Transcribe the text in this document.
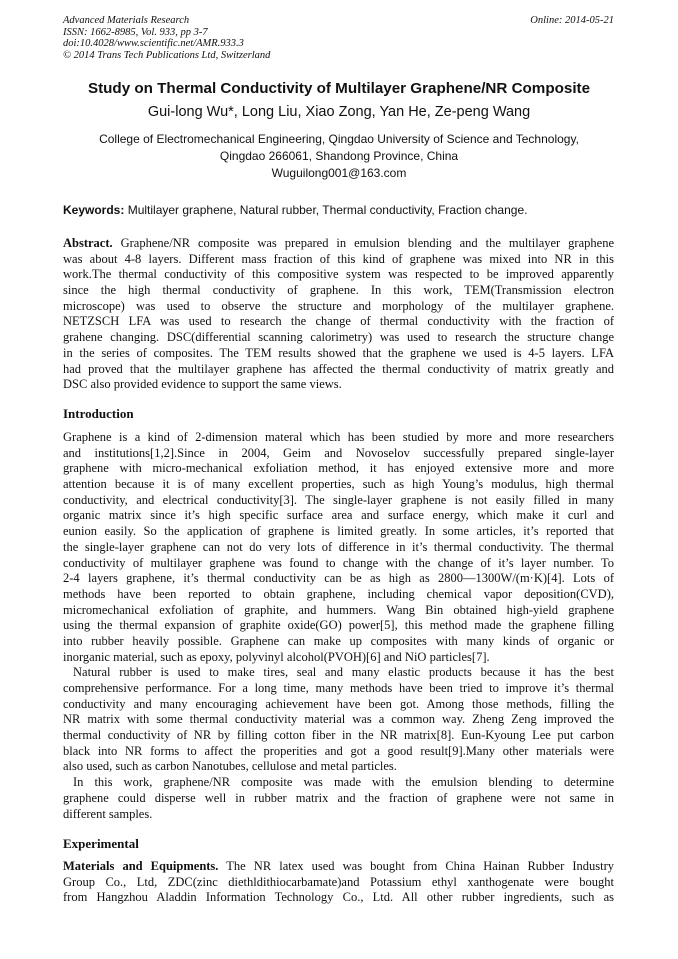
Advanced Materials Research
ISSN: 1662-8985, Vol. 933, pp 3-7
doi:10.4028/www.scientific.net/AMR.933.3
© 2014 Trans Tech Publications Ltd, Switzerland
Online: 2014-05-21
Study on Thermal Conductivity of Multilayer Graphene/NR Composite
Gui-long Wu*, Long Liu, Xiao Zong, Yan He, Ze-peng Wang
College of Electromechanical Engineering, Qingdao University of Science and Technology,
Qingdao 266061, Shandong Province, China
Wuguilong001@163.com
Keywords: Multilayer graphene, Natural rubber, Thermal conductivity, Fraction change.
Abstract. Graphene/NR composite was prepared in emulsion blending and the multilayer graphene
was about 4-8 layers. Different mass fraction of this kind of graphene was mixed into NR in this
work.The thermal conductivity of this compositive system was respected to be improved apparently
since the high thermal conductivity of graphene. In this work, TEM(Transmission electron
microscope) was used to observe the structure and morphology of the multilayer graphene.
NETZSCH LFA was used to research the change of thermal conductivity with the fraction of
grahene changing. DSC(differential scanning calorimetry) was used to research the structure change
in the series of composites. The TEM results showed that the graphene we used is 4-5 layers. LFA
had proved that the multilayer graphene has affected the thermal conductivity of matrix greatly and
DSC also provided evidence to support the same views.
Introduction
Graphene is a kind of 2-dimension materal which has been studied by more and more researchers
and institutions[1,2].Since in 2004, Geim and Novoselov successfully prepared single-layer
graphene with micro-mechanical exfoliation method, it has enjoyed extensive more and more
attention because it is of many excellent properties, such as high Young’s modulus, high thermal
conductivity, and electrical conductivity[3]. The single-layer graphene is not easily filled in many
organic matrix since it’s high specific surface area and surface energy, which make it curl and
eunion easily. So the application of graphene is limited greatly. In some articles, it’s reported that
the single-layer graphene can not do very lots of difference in it’s thermal conductivity. The thermal
conductivity of multilayer graphene was found to change with the change of it’s layer number. To
2-4 layers graphene, it’s thermal conductivity can be as high as 2800—1300W/(m·K)[4]. Lots of
methods have been reported to obtain graphene, including chemical vapor deposition(CVD),
micromechanical exfoliation of graphite, and hummers. Wang Bin obtained high-yield graphene
using the thermal expansion of graphite oxide(GO) power[5], this method made the graphene filling
into rubber heavily possible. Graphene can make up composites with many kinds of organic or
inorganic material, such as epoxy, polyvinyl alcohol(PVOH)[6] and NiO particles[7].
Natural rubber is used to make tires, seal and many elastic products because it has the best
comprehensive performance. For a long time, many methods have been tried to improve it’s thermal
conductivity and many encouraging achievement have been got. Among those methods, filling the
NR matrix with some thermal conductivity material was a common way. Zheng Zeng improved the
thermal conductivity of NR by filling cotton fiber in the NR matrix[8]. Eun-Kyoung Lee put carbon
black into NR forms to affect the properities and got a good result[9].Many other materials were
also used, such as carbon Nanotubes, cellulose and metal particles.
In this work, graphene/NR composite was made with the emulsion blending to determine
graphene could disperse well in rubber matrix and the fraction of graphene were not same in
different samples.
Experimental
Materials and Equipments. The NR latex used was bought from China Hainan Rubber Industry
Group Co., Ltd, ZDC(zinc diethldithiocarbamate)and Potassium ethyl xanthogenate were bought
from Hangzhou Aladdin Information Technology Co., Ltd. All other rubber ingredients, such as
